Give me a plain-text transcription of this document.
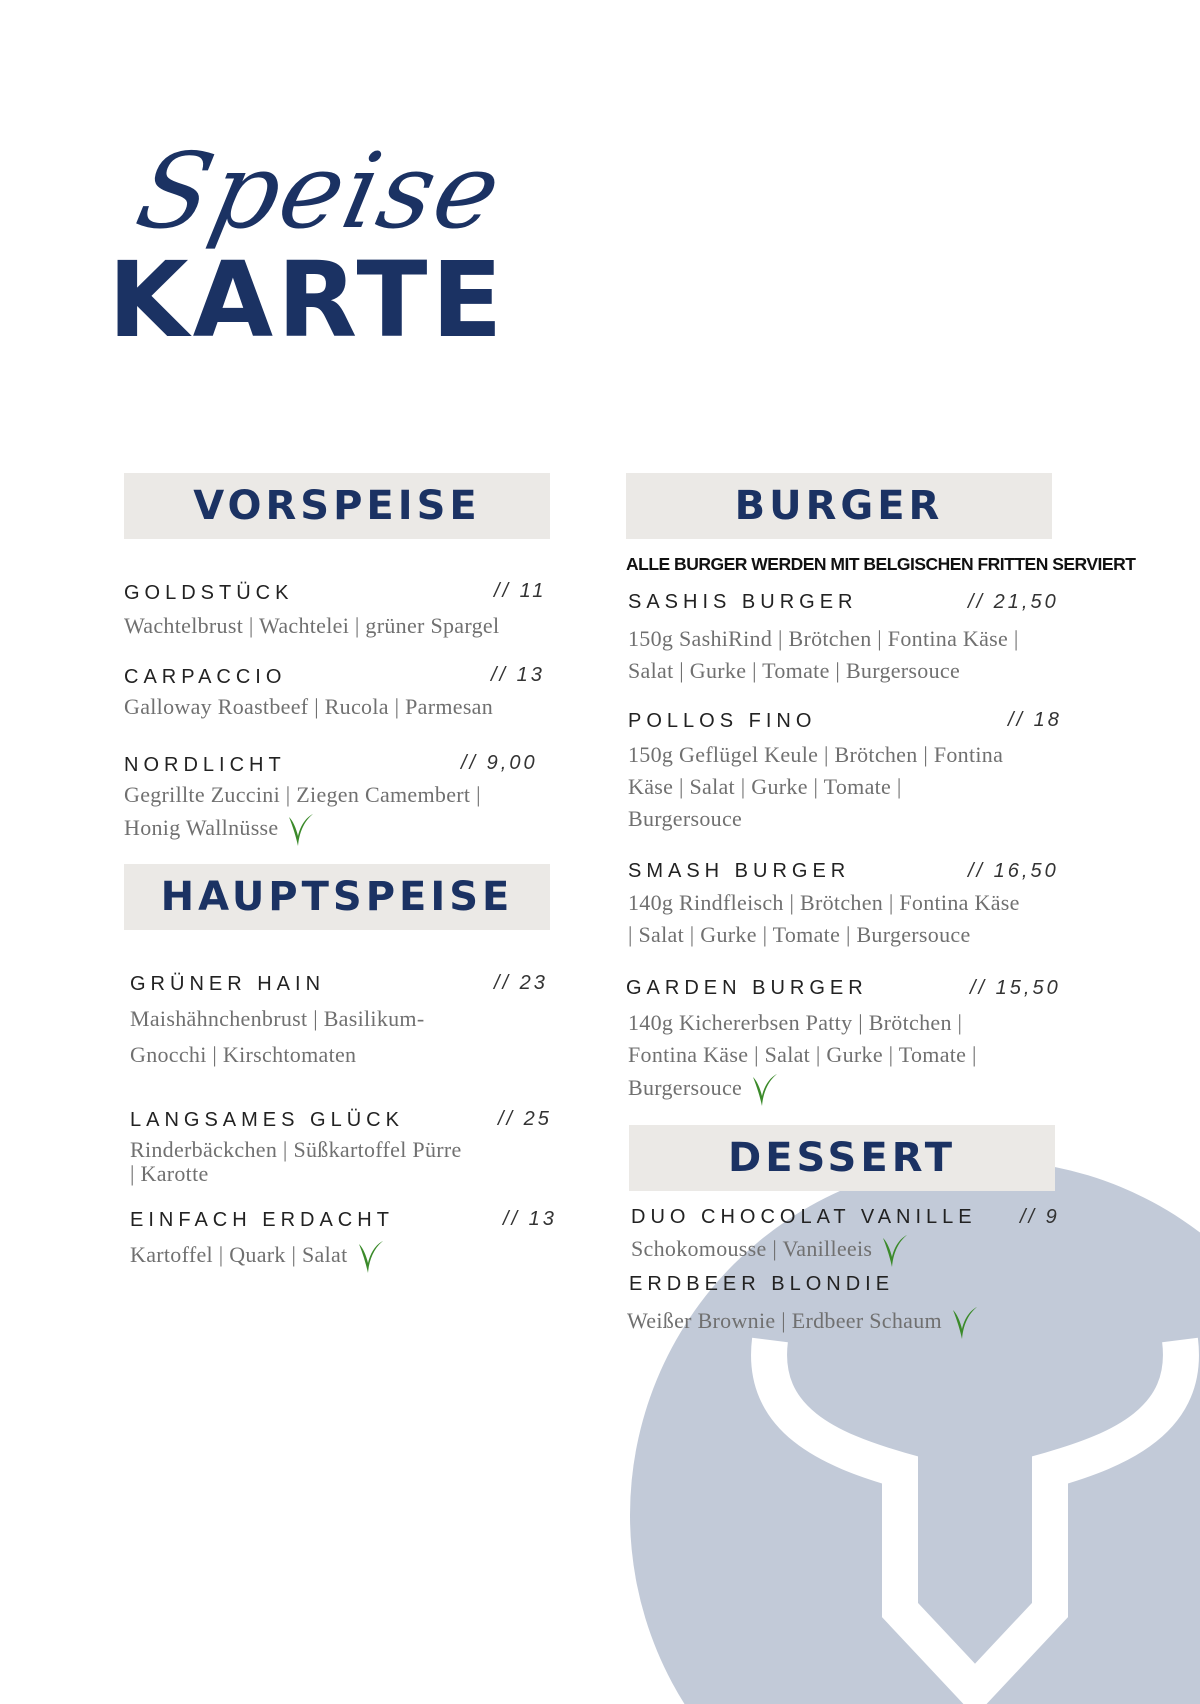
Speise
KARTE
VORSPEISE
GOLDSTÜCK	// 11
Wachtelbrust | Wachtelei | grüner Spargel
CARPACCIO	// 13
Galloway Roastbeef | Rucola | Parmesan
NORDLICHT	// 9,00
Gegrillte Zuccini | Ziegen Camembert |
Honig Wallnüsse
HAUPTSPEISE
GRÜNER HAIN	// 23
Maishähnchenbrust | Basilikum-
Gnocchi | Kirschtomaten
LANGSAMES GLÜCK	// 25
Rinderbäckchen | Süßkartoffel Pürre
| Karotte
EINFACH ERDACHT	// 13
Kartoffel | Quark | Salat
BURGER
ALLE BURGER WERDEN MIT BELGISCHEN FRITTEN SERVIERT
SASHIS BURGER	// 21,50
150g SashiRind | Brötchen | Fontina Käse |
Salat | Gurke | Tomate | Burgersouce
POLLOS FINO	// 18
150g Geflügel Keule | Brötchen | Fontina
Käse | Salat | Gurke | Tomate |
Burgersouce
SMASH BURGER	// 16,50
140g Rindfleisch | Brötchen | Fontina Käse
| Salat | Gurke | Tomate | Burgersouce
GARDEN BURGER	// 15,50
140g Kichererbsen Patty | Brötchen |
Fontina Käse | Salat | Gurke | Tomate |
Burgersouce
DESSERT
DUO CHOCOLAT VANILLE // 9
Schokomousse | Vanilleeis
ERDBEER BLONDIE
Weißer Brownie | Erdbeer Schaum
